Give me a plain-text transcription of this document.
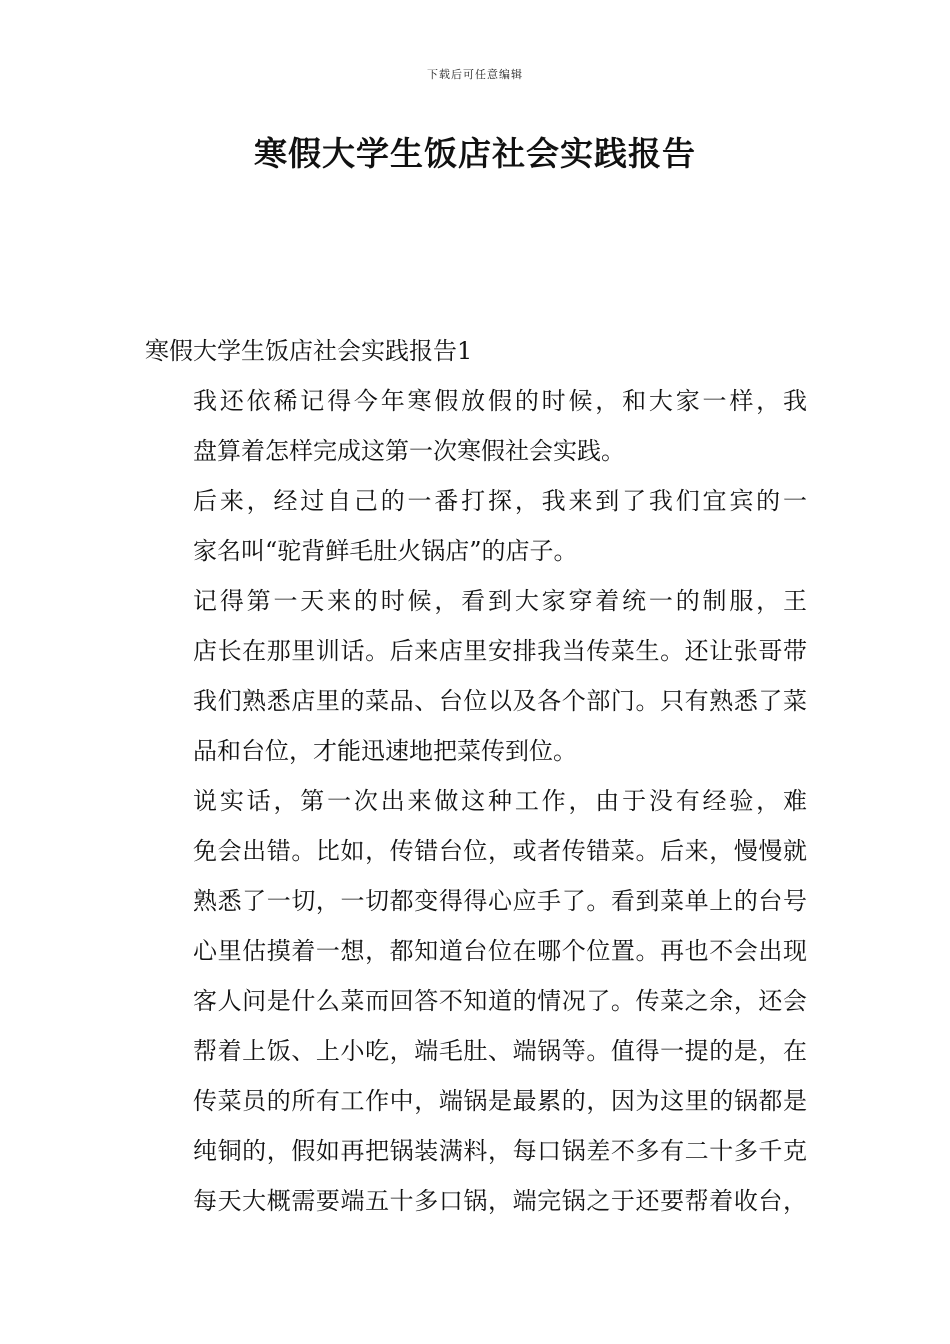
下载后可任意编辑
寒假大学生饭店社会实践报告
寒假大学生饭店社会实践报告1

我还依稀记得今年寒假放假的时候，和大家一样，我
盘算着怎样完成这第一次寒假社会实践。

后来，经过自己的一番打探，我来到了我们宜宾的一
家名叫“驼背鲜毛肚火锅店”的店子。

记得第一天来的时候，看到大家穿着统一的制服，王
店长在那里训话。后来店里安排我当传菜生。还让张哥带
我们熟悉店里的菜品、台位以及各个部门。只有熟悉了菜
品和台位，才能迅速地把菜传到位。

说实话，第一次出来做这种工作，由于没有经验，难
免会出错。比如，传错台位，或者传错菜。后来，慢慢就
熟悉了一切，一切都变得得心应手了。看到菜单上的台号
心里估摸着一想，都知道台位在哪个位置。再也不会出现
客人问是什么菜而回答不知道的情况了。传菜之余，还会
帮着上饭、上小吃，端毛肚、端锅等。值得一提的是，在
传菜员的所有工作中，端锅是最累的，因为这里的锅都是
纯铜的，假如再把锅装满料，每口锅差不多有二十多千克
每天大概需要端五十多口锅，端完锅之于还要帮着收台，
